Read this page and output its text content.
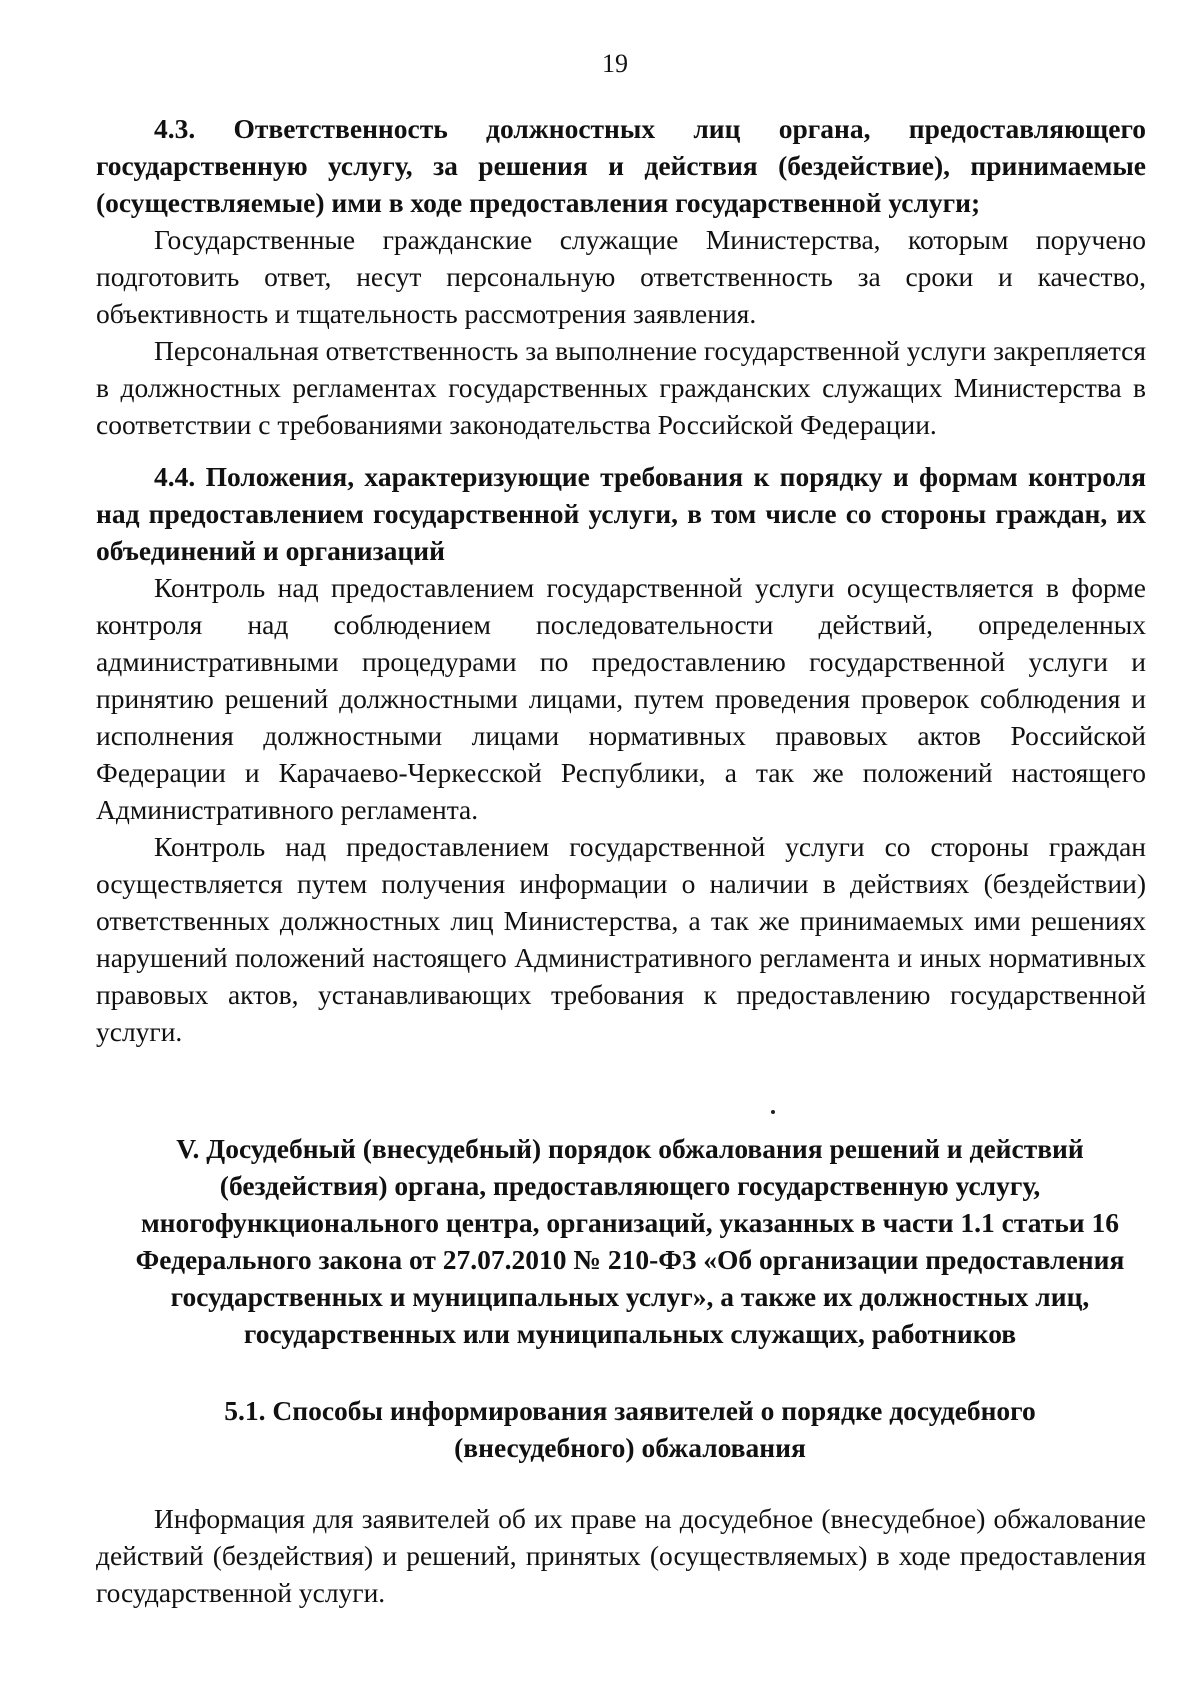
19

4.3. Ответственность должностных лиц органа, предоставляющего государственную услугу, за решения и действия (бездействие), принимаемые (осуществляемые) ими в ходе предоставления государственной услуги;

Государственные гражданские служащие Министерства, которым поручено подготовить ответ, несут персональную ответственность за сроки и качество, объективность и тщательность рассмотрения заявления.

Персональная ответственность за выполнение государственной услуги закрепляется в должностных регламентах государственных гражданских служащих Министерства в соответствии с требованиями законодательства Российской Федерации.

4.4. Положения, характеризующие требования к порядку и формам контроля над предоставлением государственной услуги, в том числе со стороны граждан, их объединений и организаций

Контроль над предоставлением государственной услуги осуществляется в форме контроля над соблюдением последовательности действий, определенных административными процедурами по предоставлению государственной услуги и принятию решений должностными лицами, путем проведения проверок соблюдения и исполнения должностными лицами нормативных правовых актов Российской Федерации и Карачаево-Черкесской Республики, а так же положений настоящего Административного регламента.

Контроль над предоставлением государственной услуги со стороны граждан осуществляется путем получения информации о наличии в действиях (бездействии) ответственных должностных лиц Министерства, а так же принимаемых ими решениях нарушений положений настоящего Административного регламента и иных нормативных правовых актов, устанавливающих требования к предоставлению государственной услуги.

V. Досудебный (внесудебный) порядок обжалования решений и действий

(бездействия) органа, предоставляющего государственную услугу,

многофункционального центра, организаций, указанных в части 1.1 статьи 16

Федерального закона от 27.07.2010 № 210-ФЗ «Об организации предоставления

государственных и муниципальных услуг», а также их должностных лиц,

государственных или муниципальных служащих, работников

5.1. Способы информирования заявителей о порядке досудебного

(внесудебного) обжалования

Информация для заявителей об их праве на досудебное (внесудебное) обжалование действий (бездействия) и решений, принятых (осуществляемых) в ходе предоставления государственной услуги.
